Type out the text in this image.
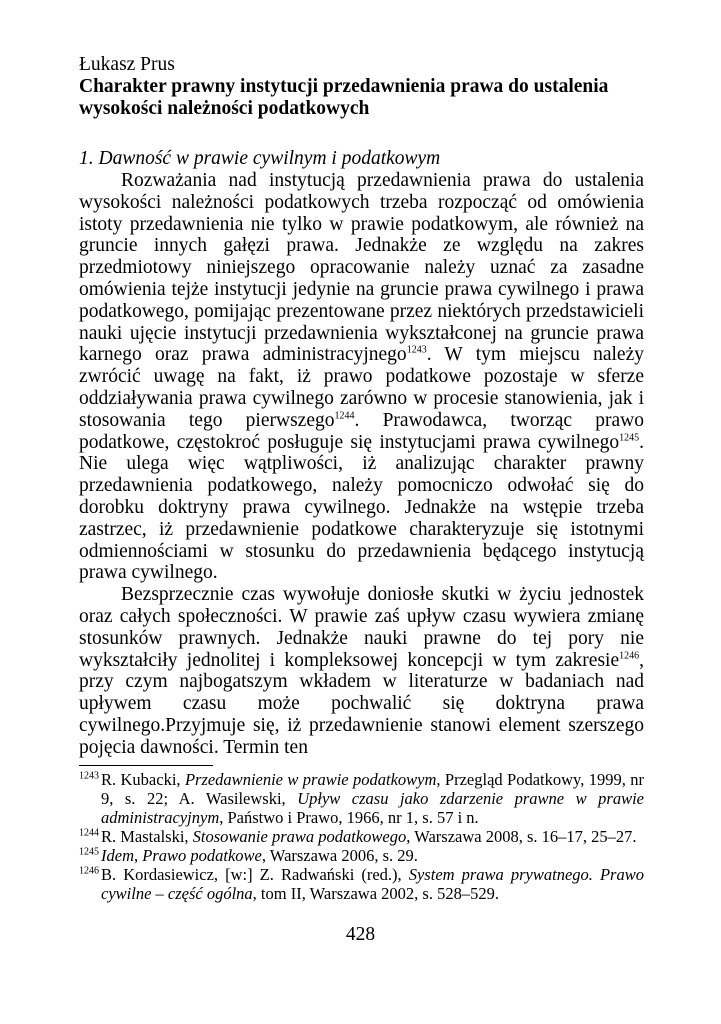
Łukasz Prus

Charakter prawny instytucji przedawnienia prawa do ustalenia wysokości należności podatkowych

1. Dawność w prawie cywilnym i podatkowym

Rozważania nad instytucją przedawnienia prawa do ustalenia wysokości należności podatkowych trzeba rozpocząć od omówienia istoty przedawnienia nie tylko w prawie podatkowym, ale również na gruncie innych gałęzi prawa. Jednakże ze względu na zakres przedmiotowy niniejszego opracowanie należy uznać za zasadne omówienia tejże instytucji jedynie na gruncie prawa cywilnego i prawa podatkowego, pomijając prezentowane przez niektórych przedstawicieli nauki ujęcie instytucji przedawnienia wykształconej na gruncie prawa karnego oraz prawa administracyjnego$^{1243}$. W tym miejscu należy zwrócić uwagę na fakt, iż prawo podatkowe pozostaje w sferze oddziaływania prawa cywilnego zarówno w procesie stanowienia, jak i stosowania tego pierwszego$^{1244}$. Prawodawca, tworząc prawo podatkowe, częstokroć posługuje się instytucjami prawa cywilnego$^{1245}$. Nie ulega więc wątpliwości, iż analizując charakter prawny przedawnienia podatkowego, należy pomocniczo odwołać się do dorobku doktryny prawa cywilnego. Jednakże na wstępie trzeba zastrzec, iż przedawnienie podatkowe charakteryzuje się istotnymi odmiennościami w stosunku do przedawnienia będącego instytucją prawa cywilnego.

Bezsprzecznie czas wywołuje doniosłe skutki w życiu jednostek oraz całych społeczności. W prawie zaś upływ czasu wywiera zmianę stosunków prawnych. Jednakże nauki prawne do tej pory nie wykształciły jednolitej i kompleksowej koncepcji w tym zakresie$^{1246}$, przy czym najbogatszym wkładem w literaturze w badaniach nad upływem czasu może pochwalić się doktryna prawa cywilnego.Przyjmuje się, iż przedawnienie stanowi element szerszego pojęcia dawności. Termin ten

$^{1243}$ R. Kubacki, Przedawnienie w prawie podatkowym, Przegląd Podatkowy, 1999, nr 9, s. 22; A. Wasilewski, Upływ czasu jako zdarzenie prawne w prawie administracyjnym, Państwo i Prawo, 1966, nr 1, s. 57 i n.

$^{1244}$ R. Mastalski, Stosowanie prawa podatkowego, Warszawa 2008, s. 16–17, 25–27.

$^{1245}$ Idem, Prawo podatkowe, Warszawa 2006, s. 29.

$^{1246}$ B. Kordasiewicz, [w:] Z. Radwański (red.), System prawa prywatnego. Prawo cywilne – część ogólna, tom II, Warszawa 2002, s. 528–529.

428
